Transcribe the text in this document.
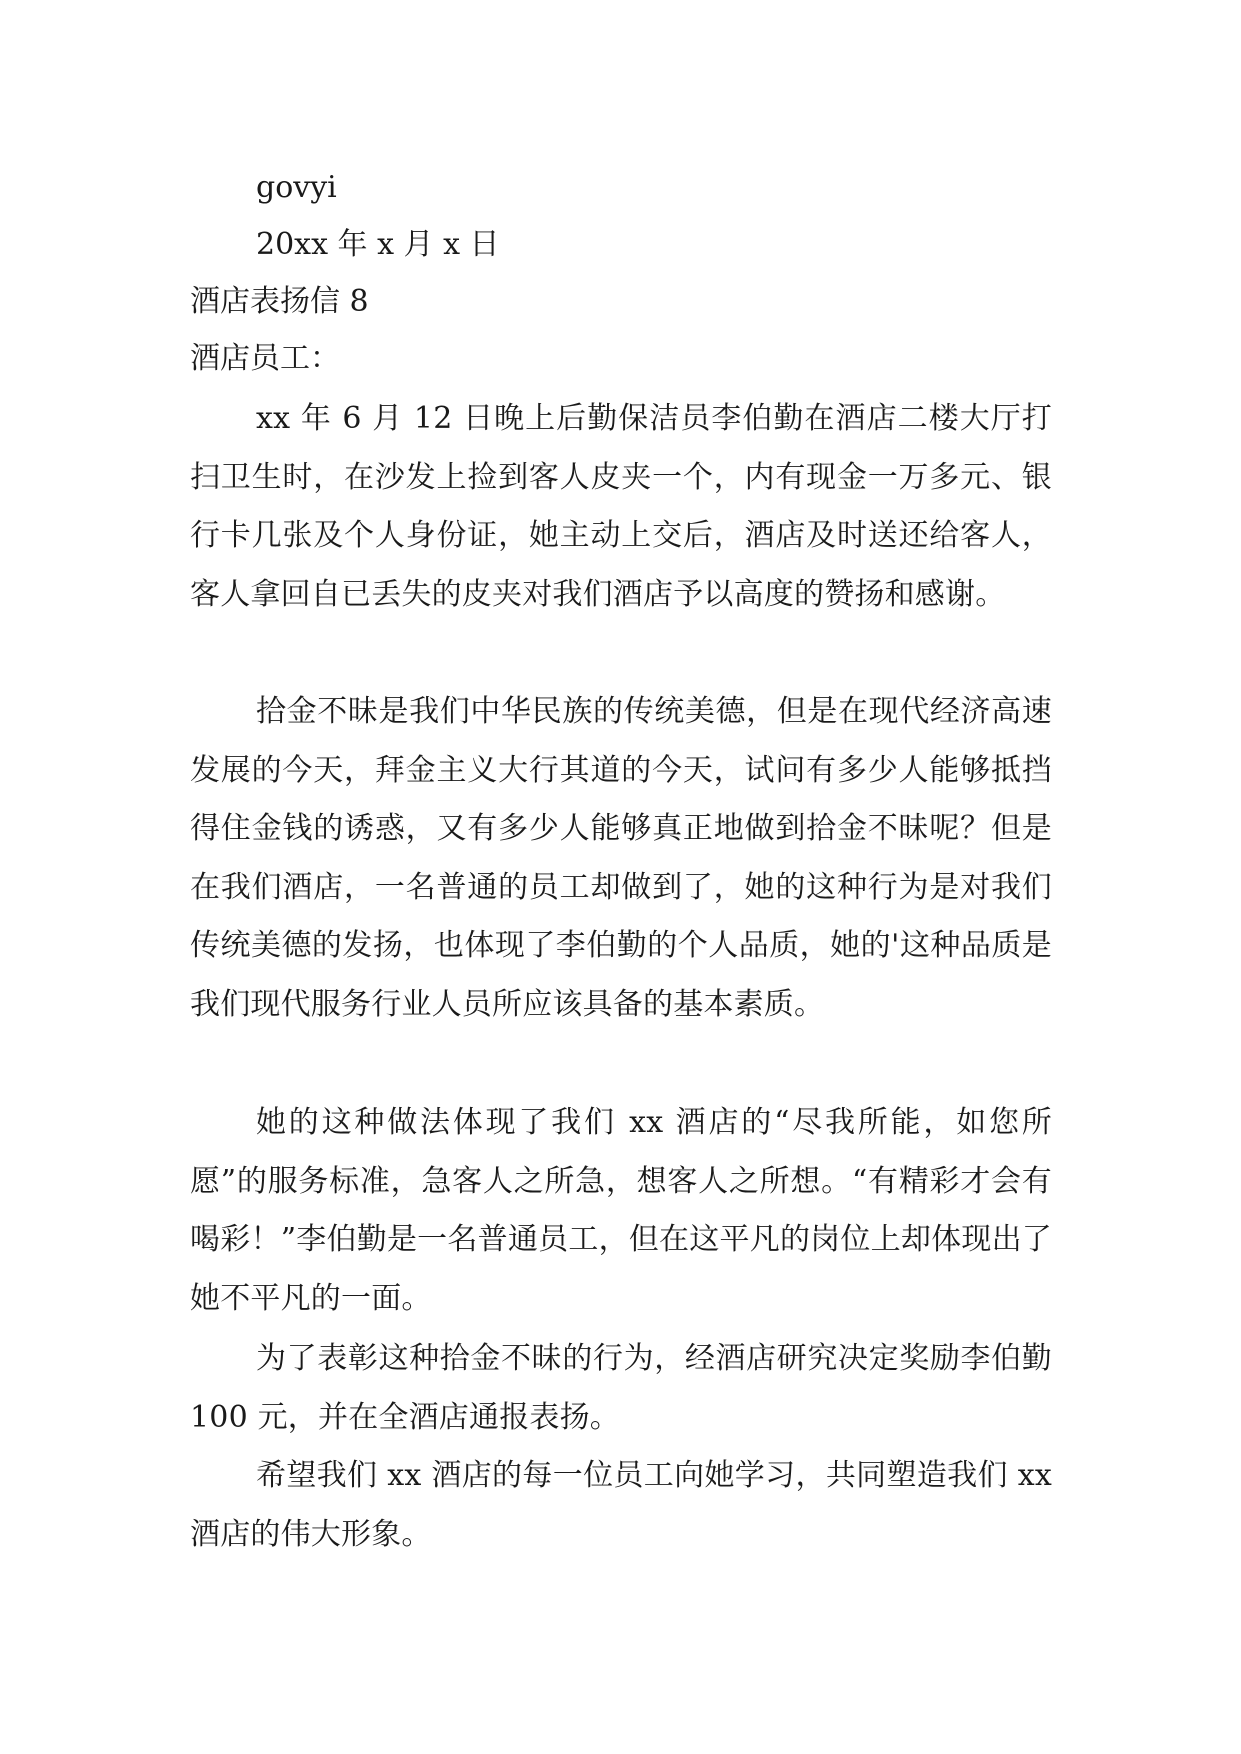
govyi

20xx 年 x 月 x 日

酒店表扬信 8

酒店员工：

xx 年 6 月 12 日晚上后勤保洁员李伯勤在酒店二楼大厅打扫卫生时，在沙发上捡到客人皮夹一个，内有现金一万多元、银行卡几张及个人身份证，她主动上交后，酒店及时送还给客人，客人拿回自已丢失的皮夹对我们酒店予以高度的赞扬和感谢。

拾金不昧是我们中华民族的传统美德，但是在现代经济高速发展的今天，拜金主义大行其道的今天，试问有多少人能够抵挡得住金钱的诱惑，又有多少人能够真正地做到拾金不昧呢？但是在我们酒店，一名普通的员工却做到了，她的这种行为是对我们传统美德的发扬，也体现了李伯勤的个人品质，她的'这种品质是我们现代服务行业人员所应该具备的基本素质。

她的这种做法体现了我们 xx 酒店的“尽我所能，如您所愿”的服务标准，急客人之所急，想客人之所想。“有精彩才会有喝彩！”李伯勤是一名普通员工，但在这平凡的岗位上却体现出了她不平凡的一面。

为了表彰这种拾金不昧的行为，经酒店研究决定奖励李伯勤 100 元，并在全酒店通报表扬。

希望我们 xx 酒店的每一位员工向她学习，共同塑造我们 xx 酒店的伟大形象。
